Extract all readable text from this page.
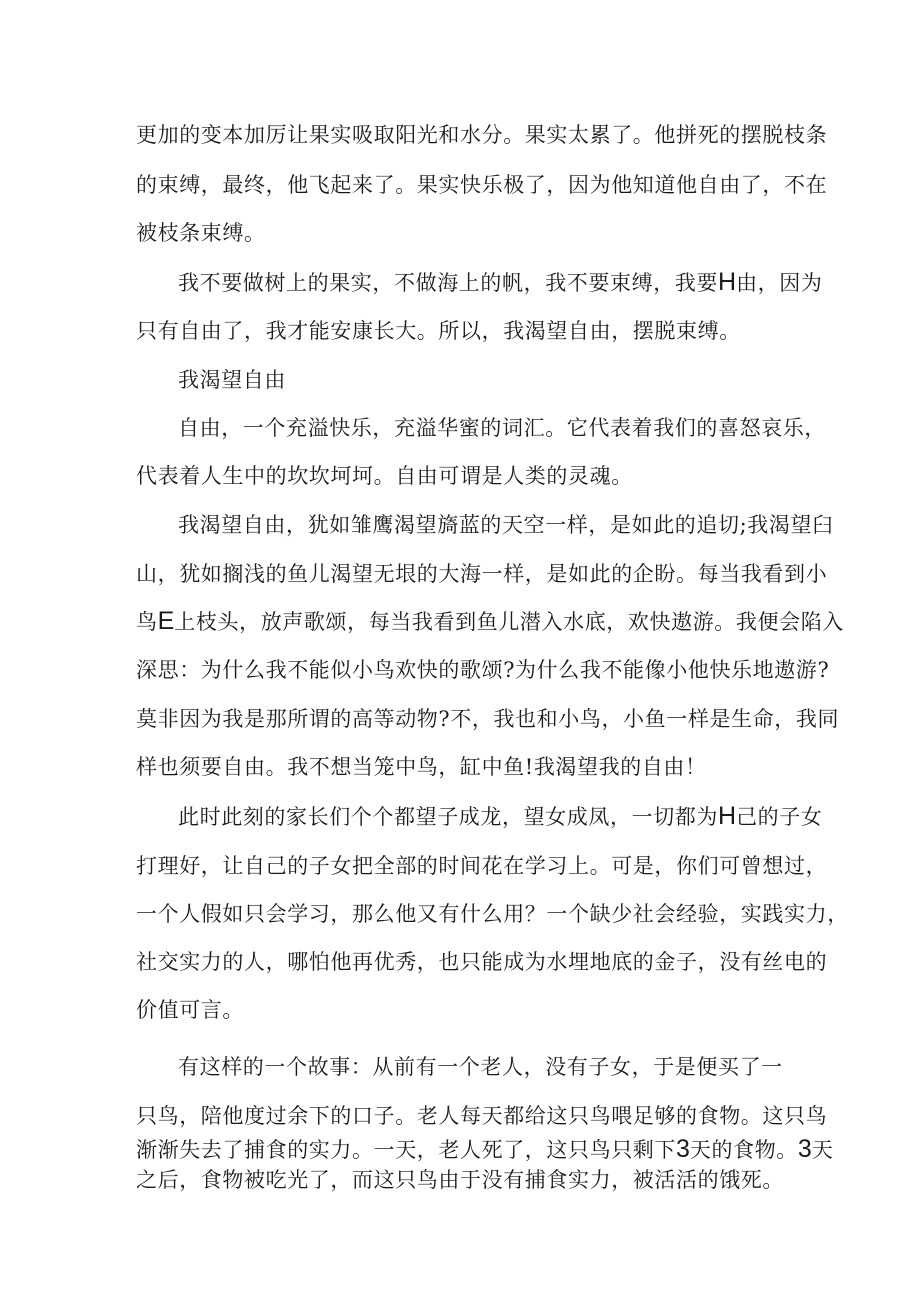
更加的变本加厉让果实吸取阳光和水分。果实太累了。他拼死的摆脱枝条
的束缚，最终，他飞起来了。果实快乐极了，因为他知道他自由了，不在
被枝条束缚。
我不要做树上的果实，不做海上的帆，我不要束缚，我要H由，因为
只有自由了，我才能安康长大。所以，我渴望自由，摆脱束缚。
我渴望自由
自由，一个充溢快乐，充溢华蜜的词汇。它代表着我们的喜怒哀乐，
代表着人生中的坎坎坷坷。自由可谓是人类的灵魂。
我渴望自由，犹如雏鹰渴望旖蓝的天空一样，是如此的追切;我渴望臼
山，犹如搁浅的鱼儿渴望无垠的大海一样，是如此的企盼。每当我看到小
鸟E上枝头，放声歌颂，每当我看到鱼儿潜入水底，欢快遨游。我便会陷入
深思：为什么我不能似小鸟欢快的歌颂?为什么我不能像小他快乐地遨游?
莫非因为我是那所谓的高等动物?不，我也和小鸟，小鱼一样是生命，我同
样也须要自由。我不想当笼中鸟，缸中鱼!我渴望我的自由！
此时此刻的家长们个个都望子成龙，望女成凤，一切都为H己的子女
打理好，让自己的子女把全部的时间花在学习上。可是，你们可曾想过，
一个人假如只会学习，那么他又有什么用？一个缺少社会经验，实践实力，
社交实力的人，哪怕他再优秀，也只能成为水埋地底的金子，没有丝电的
价值可言。
有这样的一个故事：从前有一个老人，没有子女，于是便买了一
只鸟，陪他度过余下的口子。老人每天都给这只鸟喂足够的食物。这只鸟
渐渐失去了捕食的实力。一天，老人死了，这只鸟只剩下3天的食物。3天
之后，食物被吃光了，而这只鸟由于没有捕食实力，被活活的饿死。
